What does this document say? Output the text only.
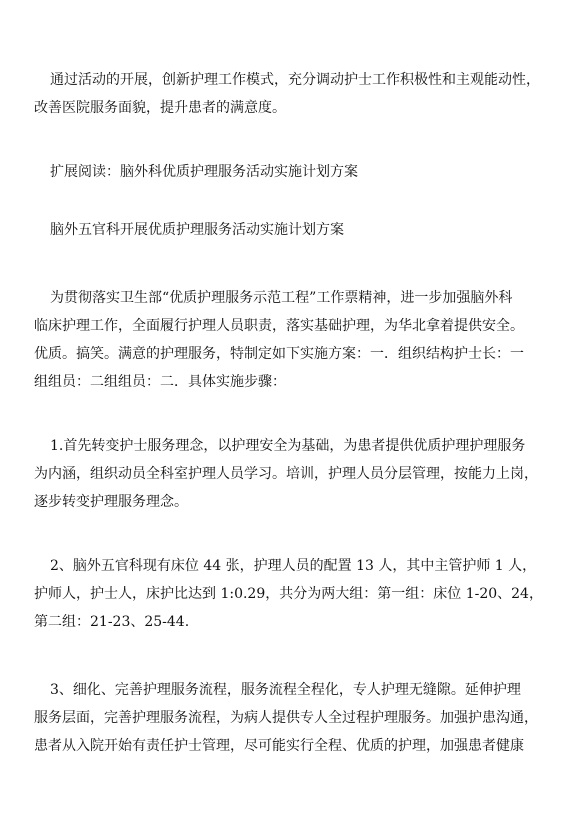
通过活动的开展，创新护理工作模式，充分调动护士工作积极性和主观能动性，
改善医院服务面貌，提升患者的满意度。
扩展阅读：脑外科优质护理服务活动实施计划方案
脑外五官科开展优质护理服务活动实施计划方案
为贯彻落实卫生部“优质护理服务示范工程”工作票精神，进一步加强脑外科
临床护理工作，全面履行护理人员职责，落实基础护理，为华北拿着提供安全。
优质。搞笑。满意的护理服务，特制定如下实施方案：一．组织结构护士长：一
组组员：二组组员：二．具体实施步骤：
1.首先转变护士服务理念，以护理安全为基础，为患者提供优质护理护理服务
为内涵，组织动员全科室护理人员学习。培训，护理人员分层管理，按能力上岗，
逐步转变护理服务理念。
2、脑外五官科现有床位 44 张，护理人员的配置 13 人，其中主管护师 1 人，
护师人，护士人，床护比达到 1:0.29，共分为两大组：第一组：床位 1-20、24，
第二组：21-23、25-44.
3、细化、完善护理服务流程，服务流程全程化，专人护理无缝隙。延伸护理
服务层面，完善护理服务流程，为病人提供专人全过程护理服务。加强护患沟通，
患者从入院开始有责任护士管理，尽可能实行全程、优质的护理，加强患者健康
